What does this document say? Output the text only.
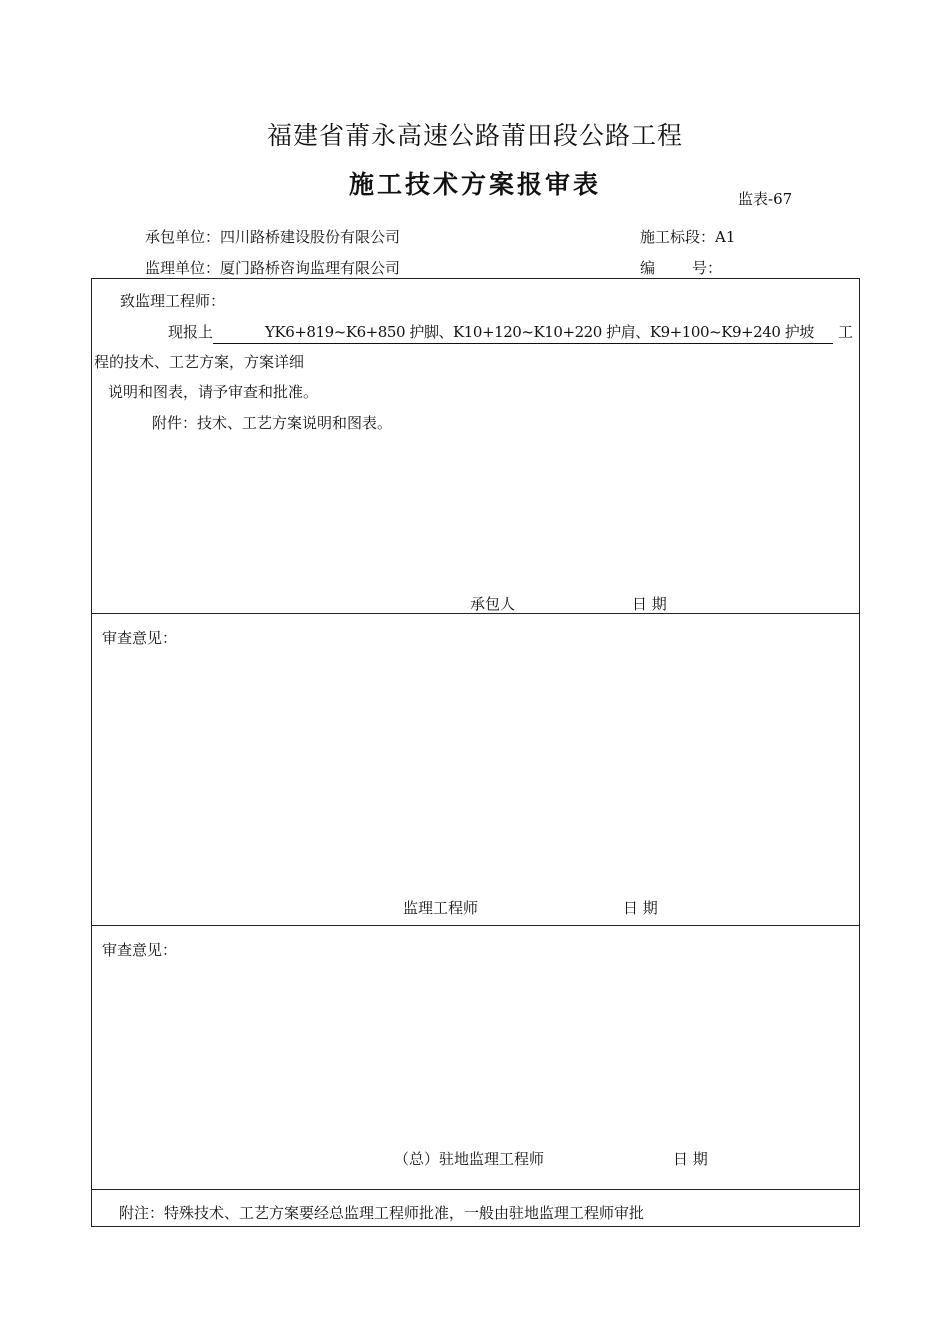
福建省莆永高速公路莆田段公路工程
施工技术方案报审表	监表-67
承包单位：四川路桥建设股份有限公司	施工标段：A1
监理单位：厦门路桥咨询监理有限公司	编 号：
致监理工程师：
现报上	YK6+819~K6+850 护脚、K10+120~K10+220 护肩、K9+100~K9+240 护坡	工
程的技术、工艺方案，方案详细
说明和图表，请予审查和批准。
附件：技术、工艺方案说明和图表。
承包人	日 期
审查意见：
监理工程师	日 期
审查意见：
（总）驻地监理工程师	日 期
附注：特殊技术、工艺方案要经总监理工程师批准，一般由驻地监理工程师审批
